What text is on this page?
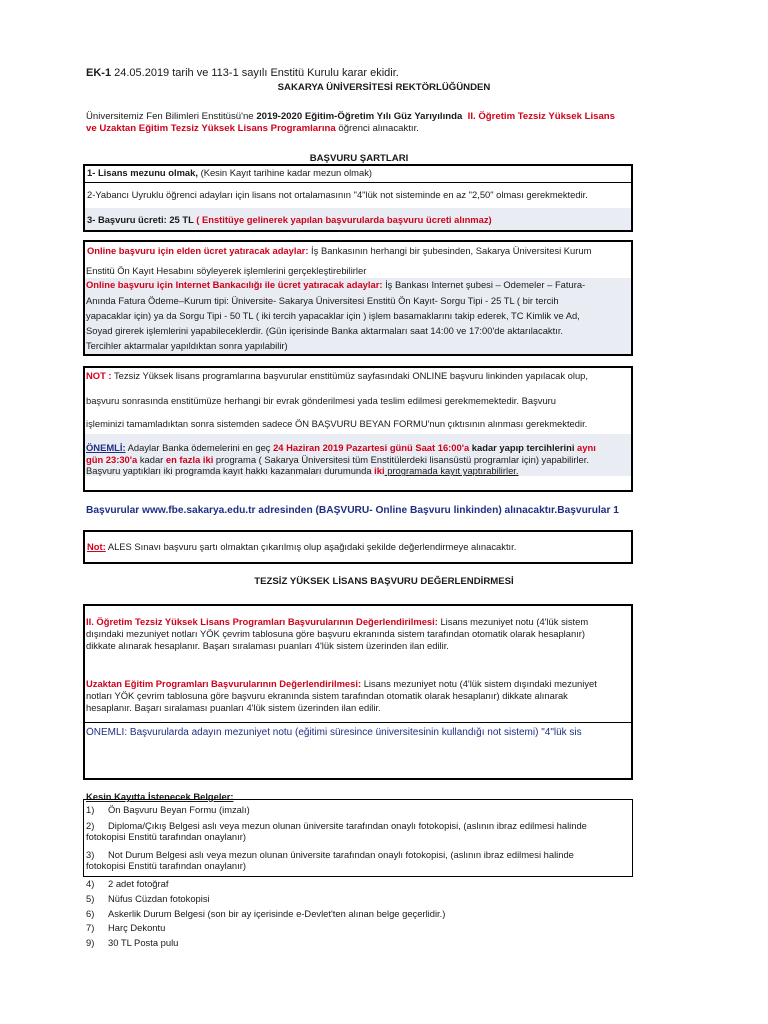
EK-1 24.05.2019 tarih ve 113-1 sayılı Enstitü Kurulu karar ekidir.
SAKARYA ÜNİVERSİTESİ REKTÖRLÜĞÜNDEN
Üniversitemiz Fen Bilimleri Enstitüsü'ne 2019-2020 Eğitim-Öğretim Yılı Güz Yarıyılında II. Öğretim Tezsiz Yüksek Lisans
ve Uzaktan Eğitim Tezsiz Yüksek Lisans Programlarına öğrenci alınacaktır.
BAŞVURU ŞARTLARI
1- Lisans mezunu olmak, (Kesin Kayıt tarihine kadar mezun olmak)
2-Yabancı Uyruklu öğrenci adayları için lisans not ortalamasının "4"lük not sisteminde en az "2,50" olması gerekmektedir.
3- Başvuru ücreti: 25 TL ( Enstitüye gelinerek yapılan başvurularda başvuru ücreti alınmaz)
Online başvuru için elden ücret yatıracak adaylar: İş Bankasının herhangi bir şubesinden, Sakarya Üniversitesi Kurum
Enstitü Ön Kayıt Hesabını söyleyerek işlemlerini gerçekleştirebilirler
Online başvuru için Internet Bankacılığı ile ücret yatıracak adaylar: İş Bankası Internet şubesi – Odemeler – Fatura-
Anında Fatura Ödeme–Kurum tipi: Üniversite- Sakarya Üniversitesi Enstitü Ön Kayıt- Sorgu Tipi - 25 TL ( bir tercih
yapacaklar için) ya da Sorgu Tipi - 50 TL ( iki tercih yapacaklar için ) işlem basamaklarını takip ederek, TC Kimlik ve Ad,
Soyad girerek işlemlerini yapabileceklerdir. (Gün içerisinde Banka aktarmaları saat 14:00 ve 17:00'de aktarılacaktır.
Tercihler aktarmalar yapıldıktan sonra yapılabilir)
NOT : Tezsiz Yüksek lisans programlarına başvurular enstitümüz sayfasındaki ONLINE başvuru linkinden yapılacak olup,
başvuru sonrasında enstitümüze herhangi bir evrak gönderilmesi yada teslim edilmesi gerekmemektedir. Başvuru
işleminizi tamamladıktan sonra sistemden sadece ÖN BAŞVURU BEYAN FORMU'nun çıktısının alınması gerekmektedir.
ÖNEMLİ: Adaylar Banka ödemelerini en geç 24 Haziran 2019 Pazartesi günü Saat 16:00'a kadar yapıp tercihlerini aynı
gün 23:30'a kadar en fazla iki programa ( Sakarya Üniversitesi tüm Enstitülerdeki lisansüstü programlar için) yapabilirler.
Başvuru yaptıkları iki programda kayıt hakkı kazanmaları durumunda iki programada kayıt yaptırabilirler.
Başvurular www.fbe.sakarya.edu.tr adresinden (BAŞVURU- Online Başvuru linkinden) alınacaktır.Başvurular 1
Not: ALES Sınavı başvuru şartı olmaktan çıkarılmış olup aşağıdaki şekilde değerlendirmeye alınacaktır.
TEZSİZ YÜKSEK LİSANS BAŞVURU DEĞERLENDİRMESİ
II. Öğretim Tezsiz Yüksek Lisans Programları Başvurularının Değerlendirilmesi: Lisans mezuniyet notu (4'lük sistem
dışındaki mezuniyet notları YÖK çevrim tablosuna göre başvuru ekranında sistem tarafından otomatik olarak hesaplanır)
dikkate alınarak hesaplanır. Başarı sıralaması puanları 4'lük sistem üzerinden ilan edilir.
Uzaktan Eğitim Programları Başvurularının Değerlendirilmesi: Lisans mezuniyet notu (4'lük sistem dışındaki mezuniyet
notları YÖK çevrim tablosuna göre başvuru ekranında sistem tarafından otomatik olarak hesaplanır) dikkate alınarak
hesaplanır. Başarı sıralaması puanları 4'lük sistem üzerinden ilan edilir.
ÖNEMLİ: Başvurularda adayın mezuniyet notu (eğitimi süresince üniversitesinin kullandığı not sistemi) "4"lük sis
Kesin Kayıtta İstenecek Belgeler:
1) Ön Başvuru Beyan Formu (imzalı)
2) Diploma/Çıkış Belgesi aslı veya mezun olunan üniversite tarafından onaylı fotokopisi, (aslının ibraz edilmesi halinde
fotokopisi Enstitü tarafından onaylanır)
3) Not Durum Belgesi aslı veya mezun olunan üniversite tarafından onaylı fotokopisi, (aslının ibraz edilmesi halinde
fotokopisi Enstitü tarafından onaylanır)
4) 2 adet fotoğraf
5) Nüfus Cüzdan fotokopisi
6) Askerlik Durum Belgesi (son bir ay içerisinde e-Devlet'ten alınan belge geçerlidir.)
7) Harç Dekontu
9) 30 TL Posta pulu
